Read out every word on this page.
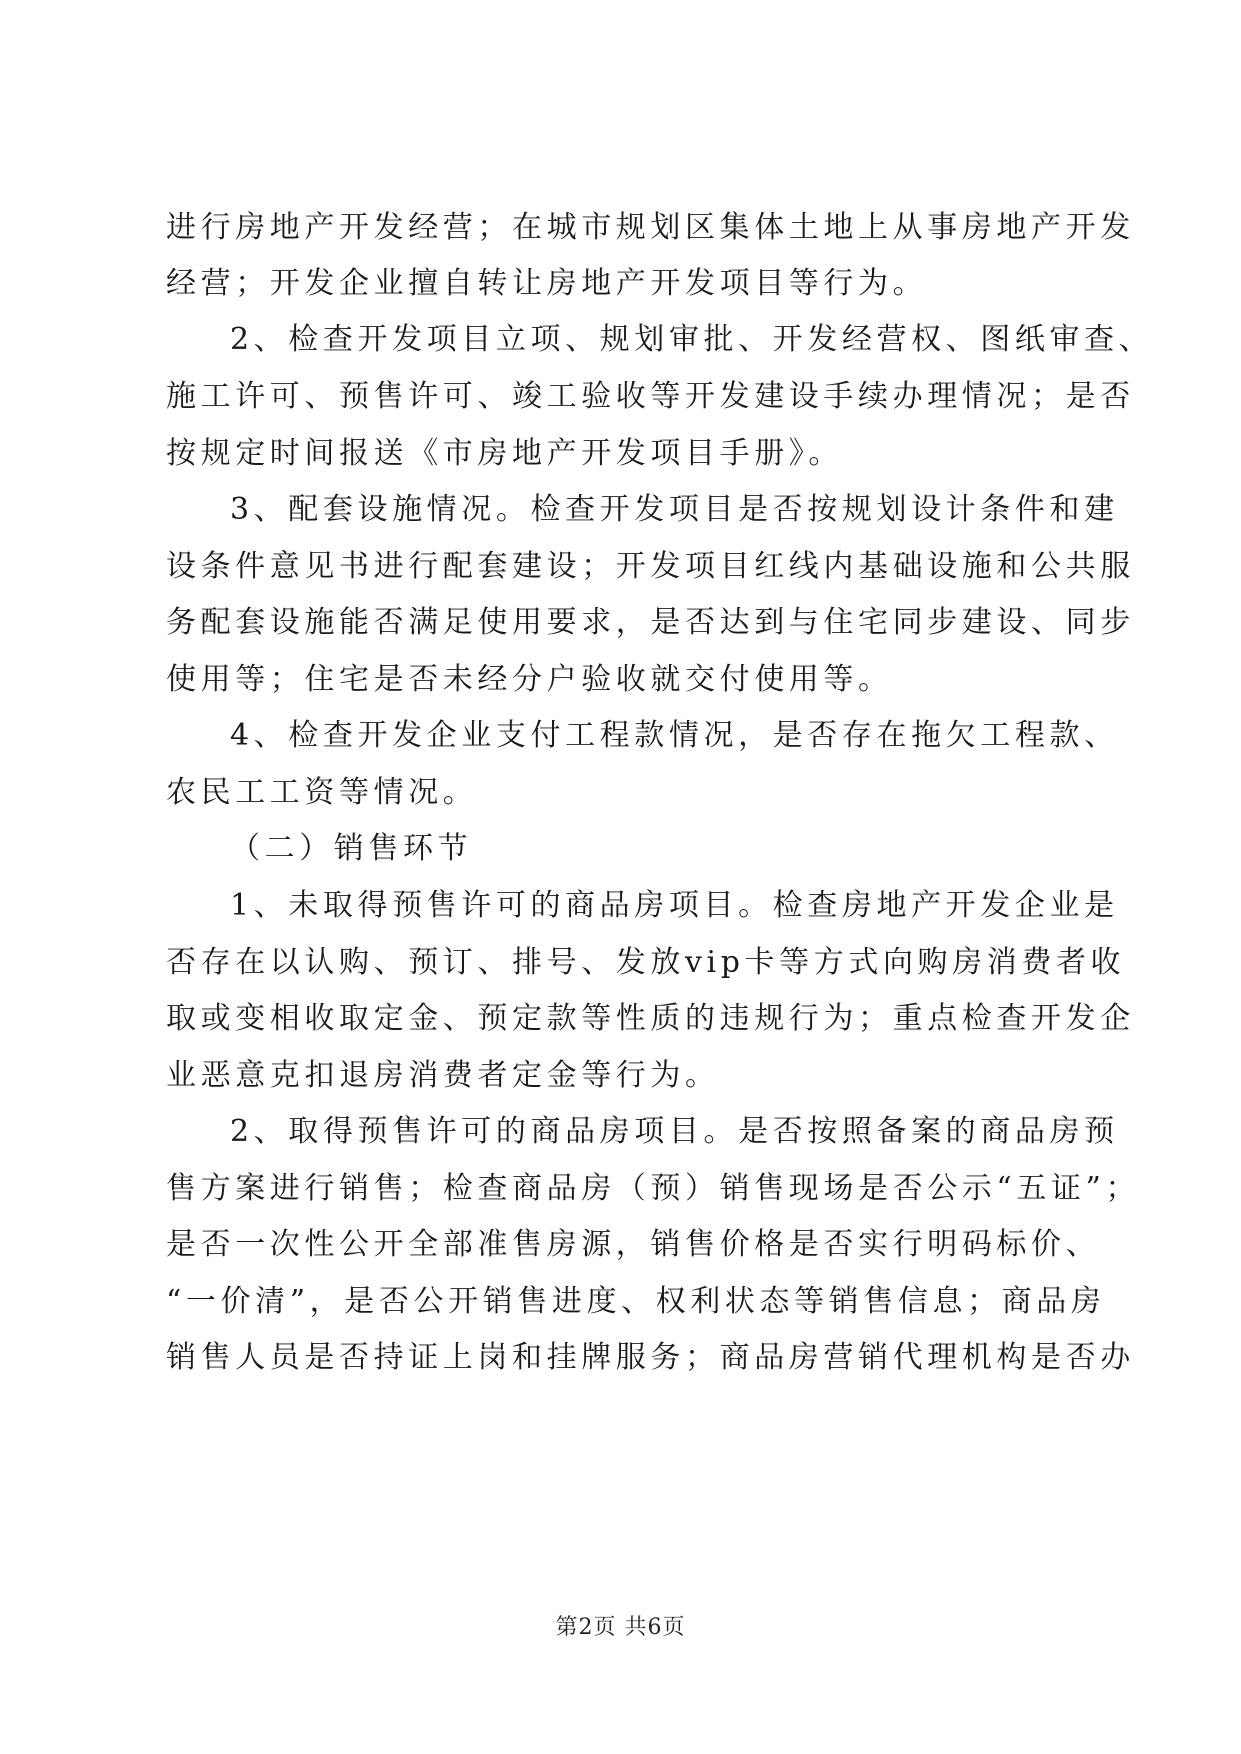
进行房地产开发经营；在城市规划区集体土地上从事房地产开发
经营；开发企业擅自转让房地产开发项目等行为。
2、检查开发项目立项、规划审批、开发经营权、图纸审查、
施工许可、预售许可、竣工验收等开发建设手续办理情况；是否
按规定时间报送《市房地产开发项目手册》。
3、配套设施情况。检查开发项目是否按规划设计条件和建
设条件意见书进行配套建设；开发项目红线内基础设施和公共服
务配套设施能否满足使用要求，是否达到与住宅同步建设、同步
使用等；住宅是否未经分户验收就交付使用等。
4、检查开发企业支付工程款情况，是否存在拖欠工程款、
农民工工资等情况。
（二）销售环节
1、未取得预售许可的商品房项目。检查房地产开发企业是
否存在以认购、预订、排号、发放vip卡等方式向购房消费者收
取或变相收取定金、预定款等性质的违规行为；重点检查开发企
业恶意克扣退房消费者定金等行为。
2、取得预售许可的商品房项目。是否按照备案的商品房预
售方案进行销售；检查商品房（预）销售现场是否公示“五证”；
是否一次性公开全部准售房源，销售价格是否实行明码标价、
“一价清”，是否公开销售进度、权利状态等销售信息；商品房
销售人员是否持证上岗和挂牌服务；商品房营销代理机构是否办
第2页 共6页
